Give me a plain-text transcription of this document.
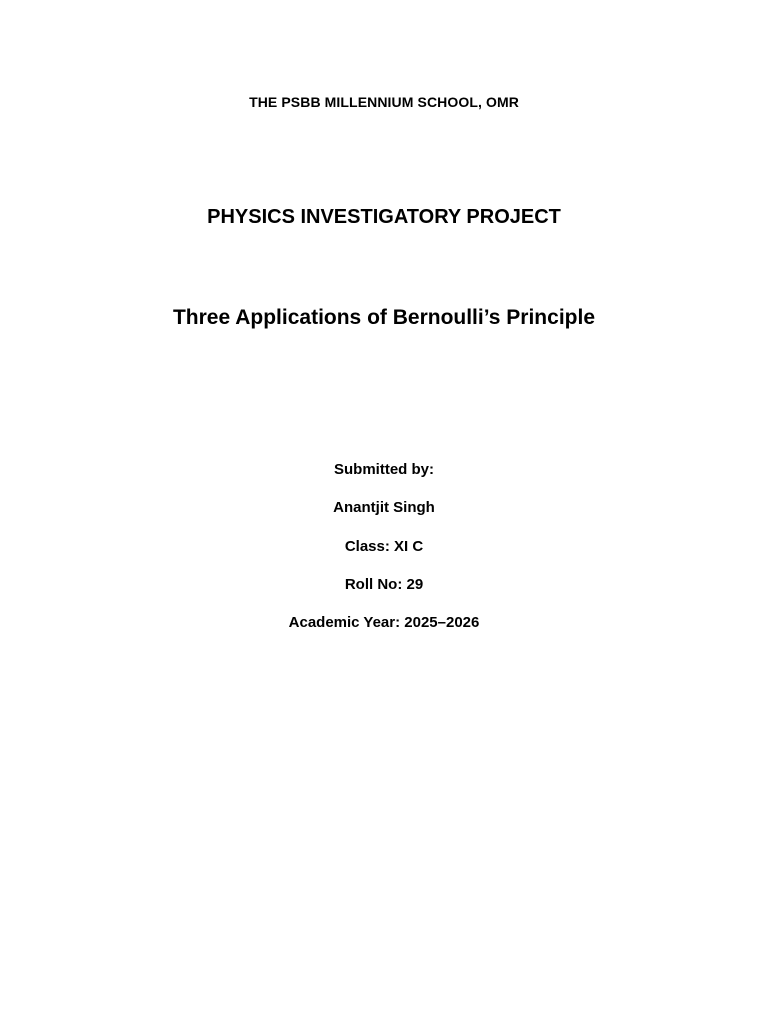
THE PSBB MILLENNIUM SCHOOL, OMR
PHYSICS INVESTIGATORY PROJECT
Three Applications of Bernoulli’s Principle
Submitted by:
Anantjit Singh
Class: XI C
Roll No: 29
Academic Year: 2025–2026
